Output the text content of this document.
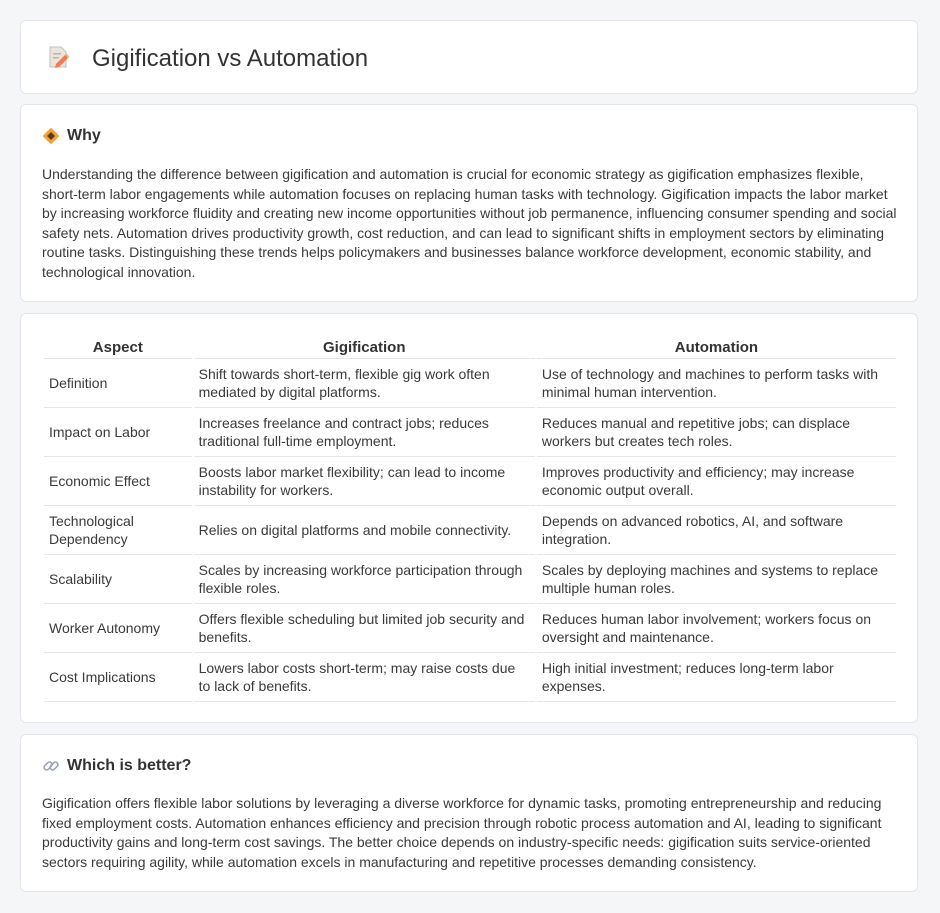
Gigification vs Automation
Why

Understanding the difference between gigification and automation is crucial for economic strategy as gigification emphasizes flexible, short-term labor engagements while automation focuses on replacing human tasks with technology. Gigification impacts the labor market by increasing workforce fluidity and creating new income opportunities without job permanence, influencing consumer spending and social safety nets. Automation drives productivity growth, cost reduction, and can lead to significant shifts in employment sectors by eliminating routine tasks. Distinguishing these trends helps policymakers and businesses balance workforce development, economic stability, and technological innovation.

Aspect	Gigification	Automation
Definition	Shift towards short-term, flexible gig work often mediated by digital platforms.	Use of technology and machines to perform tasks with minimal human intervention.
Impact on Labor	Increases freelance and contract jobs; reduces traditional full-time employment.	Reduces manual and repetitive jobs; can displace workers but creates tech roles.
Economic Effect	Boosts labor market flexibility; can lead to income instability for workers.	Improves productivity and efficiency; may increase economic output overall.
Technological Dependency	Relies on digital platforms and mobile connectivity.	Depends on advanced robotics, AI, and software integration.
Scalability	Scales by increasing workforce participation through flexible roles.	Scales by deploying machines and systems to replace multiple human roles.
Worker Autonomy	Offers flexible scheduling but limited job security and benefits.	Reduces human labor involvement; workers focus on oversight and maintenance.
Cost Implications	Lowers labor costs short-term; may raise costs due to lack of benefits.	High initial investment; reduces long-term labor expenses.
Which is better?

Gigification offers flexible labor solutions by leveraging a diverse workforce for dynamic tasks, promoting entrepreneurship and reducing fixed employment costs. Automation enhances efficiency and precision through robotic process automation and AI, leading to significant productivity gains and long-term cost savings. The better choice depends on industry-specific needs: gigification suits service-oriented sectors requiring agility, while automation excels in manufacturing and repetitive processes demanding consistency.
